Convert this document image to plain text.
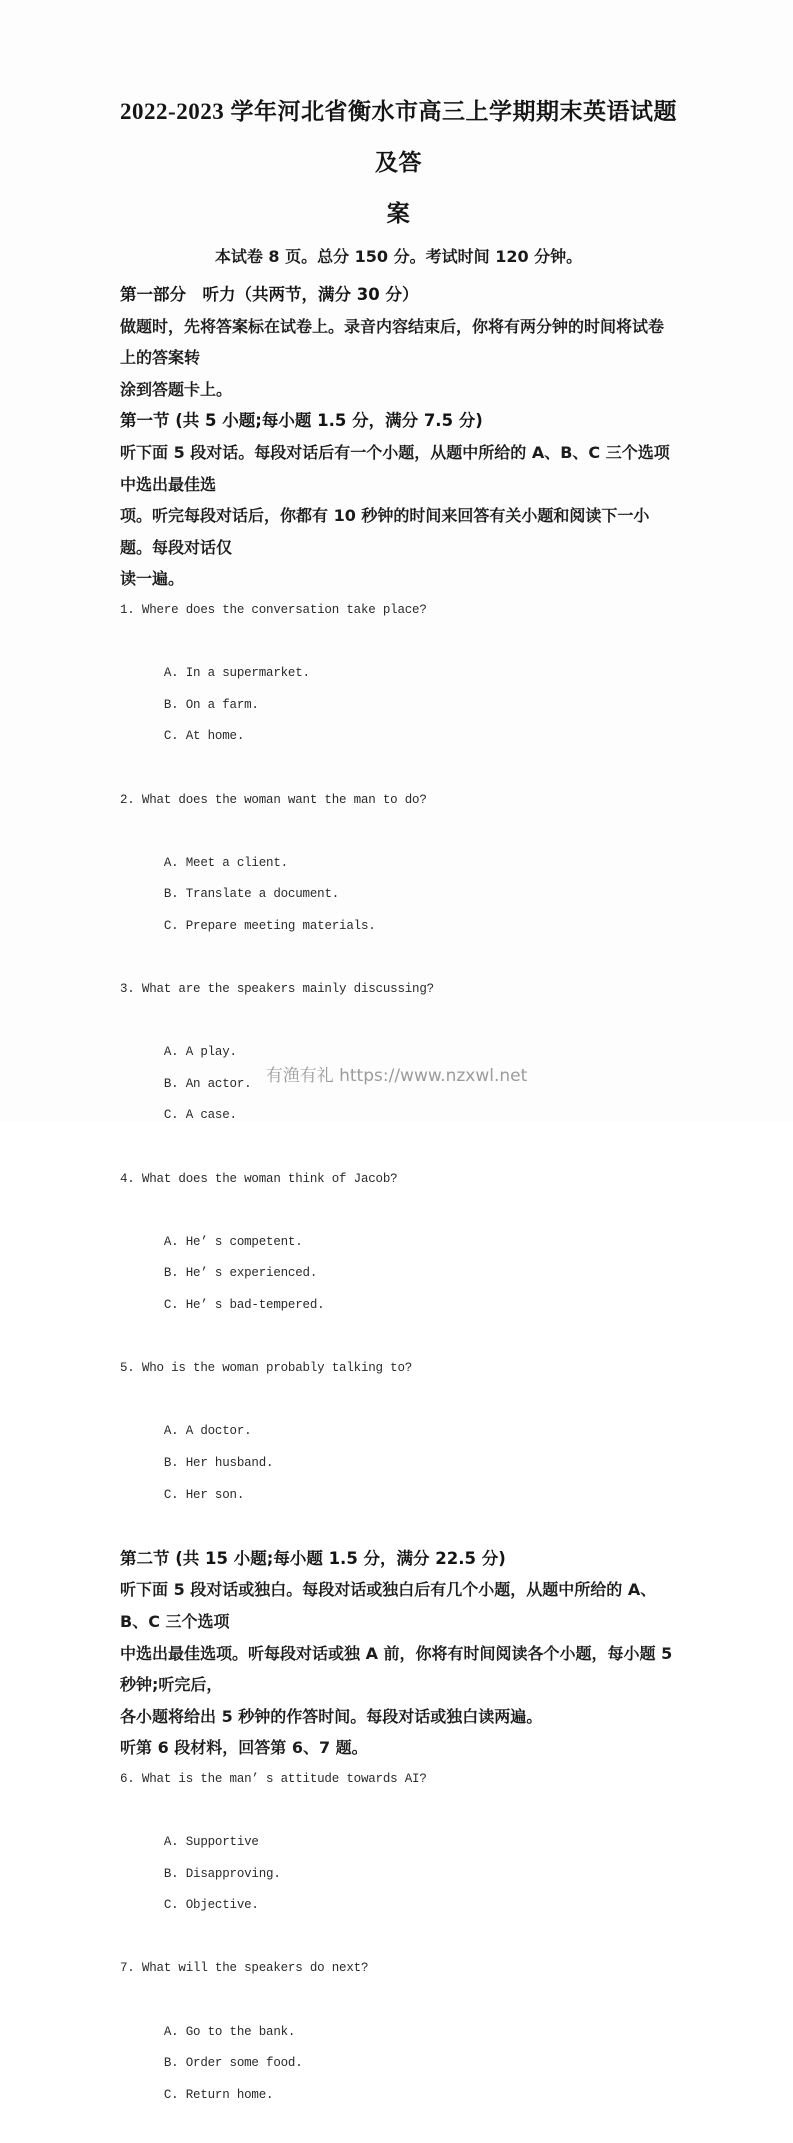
2022-2023 学年河北省衡水市高三上学期期末英语试题及答
案
本试卷 8 页。总分 150 分。考试时间 120 分钟。

第一部分　听力（共两节，满分 30 分）

做题时，先将答案标在试卷上。录音内容结束后，你将有两分钟的时间将试卷上的答案转

涂到答题卡上。

第一节 (共 5 小题;每小题 1.5 分，满分 7.5 分)

听下面 5 段对话。每段对话后有一个小题，从题中所给的 A、B、C 三个选项中选出最佳选

项。听完每段对话后，你都有 10 秒钟的时间来回答有关小题和阅读下一小题。每段对话仅

读一遍。

1. Where does the conversation take place?

A. In a supermarket.
B. On a farm.
C. At home.

2. What does the woman want the man to do?

A. Meet a client.
B. Translate a document.
C. Prepare meeting materials.

3. What are the speakers mainly discussing?

A. A play.
B. An actor.
C. A case.

4. What does the woman think of Jacob?

A. He’ s competent.
B. He’ s experienced.
C. He’ s bad-tempered.

5. Who is the woman probably talking to?

A. A doctor.
B. Her husband.
C. Her son.

第二节 (共 15 小题;每小题 1.5 分，满分 22.5 分)

听下面 5 段对话或独白。每段对话或独白后有几个小题，从题中所给的 A、B、C 三个选项

中选出最佳选项。听每段对话或独 A 前，你将有时间阅读各个小题，每小题 5 秒钟;听完后，

各小题将给出 5 秒钟的作答时间。每段对话或独白读两遍。

听第 6 段材料，回答第 6、7 题。

6. What is the man’ s attitude towards AI?

A. Supportive
B. Disapproving.
C. Objective.

7. What will the speakers do next?

A. Go to the bank.
B. Order some food.
C. Return home.

有渔有礼 https://www.nzxwl.net
